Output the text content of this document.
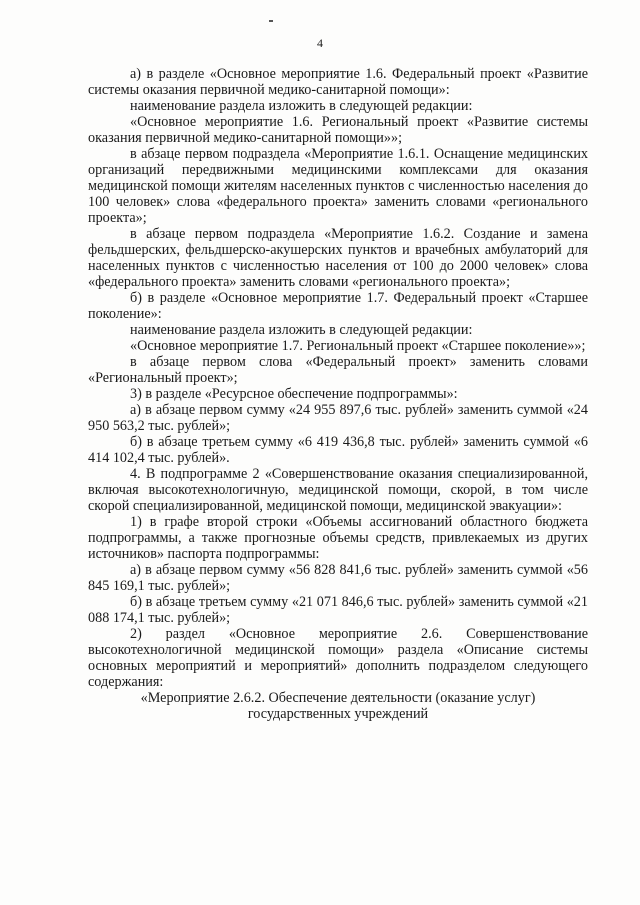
4

а) в разделе «Основное мероприятие 1.6. Федеральный проект «Развитие системы оказания первичной медико-санитарной помощи»:

наименование раздела изложить в следующей редакции:

«Основное мероприятие 1.6. Региональный проект «Развитие системы оказания первичной медико-санитарной помощи»»;

в абзаце первом подраздела «Мероприятие 1.6.1. Оснащение медицинских организаций передвижными медицинскими комплексами для оказания медицинской помощи жителям населенных пунктов с численностью населения до 100 человек» слова «федерального проекта» заменить словами «регионального проекта»;

в абзаце первом подраздела «Мероприятие 1.6.2. Создание и замена фельдшерских, фельдшерско-акушерских пунктов и врачебных амбулаторий для населенных пунктов с численностью населения от 100 до 2000 человек» слова «федерального проекта» заменить словами «регионального проекта»;

б) в разделе «Основное мероприятие 1.7. Федеральный проект «Старшее поколение»:

наименование раздела изложить в следующей редакции:

«Основное мероприятие 1.7. Региональный проект «Старшее поколение»»;

в абзаце первом слова «Федеральный проект» заменить словами «Региональный проект»;

3) в разделе «Ресурсное обеспечение подпрограммы»:

а) в абзаце первом сумму «24 955 897,6 тыс. рублей» заменить суммой «24 950 563,2 тыс. рублей»;

б) в абзаце третьем сумму «6 419 436,8 тыс. рублей» заменить суммой «6 414 102,4 тыс. рублей».

4. В подпрограмме 2 «Совершенствование оказания специализированной, включая высокотехнологичную, медицинской помощи, скорой, в том числе скорой специализированной, медицинской помощи, медицинской эвакуации»:

1) в графе второй строки «Объемы ассигнований областного бюджета подпрограммы, а также прогнозные объемы средств, привлекаемых из других источников» паспорта подпрограммы:

а) в абзаце первом сумму «56 828 841,6 тыс. рублей» заменить суммой «56 845 169,1 тыс. рублей»;

б) в абзаце третьем сумму «21 071 846,6 тыс. рублей» заменить суммой «21 088 174,1 тыс. рублей»;

2) раздел «Основное мероприятие 2.6. Совершенствование высокотехнологичной медицинской помощи» раздела «Описание системы основных мероприятий и мероприятий» дополнить подразделом следующего содержания:

«Мероприятие 2.6.2. Обеспечение деятельности (оказание услуг)

государственных учреждений
